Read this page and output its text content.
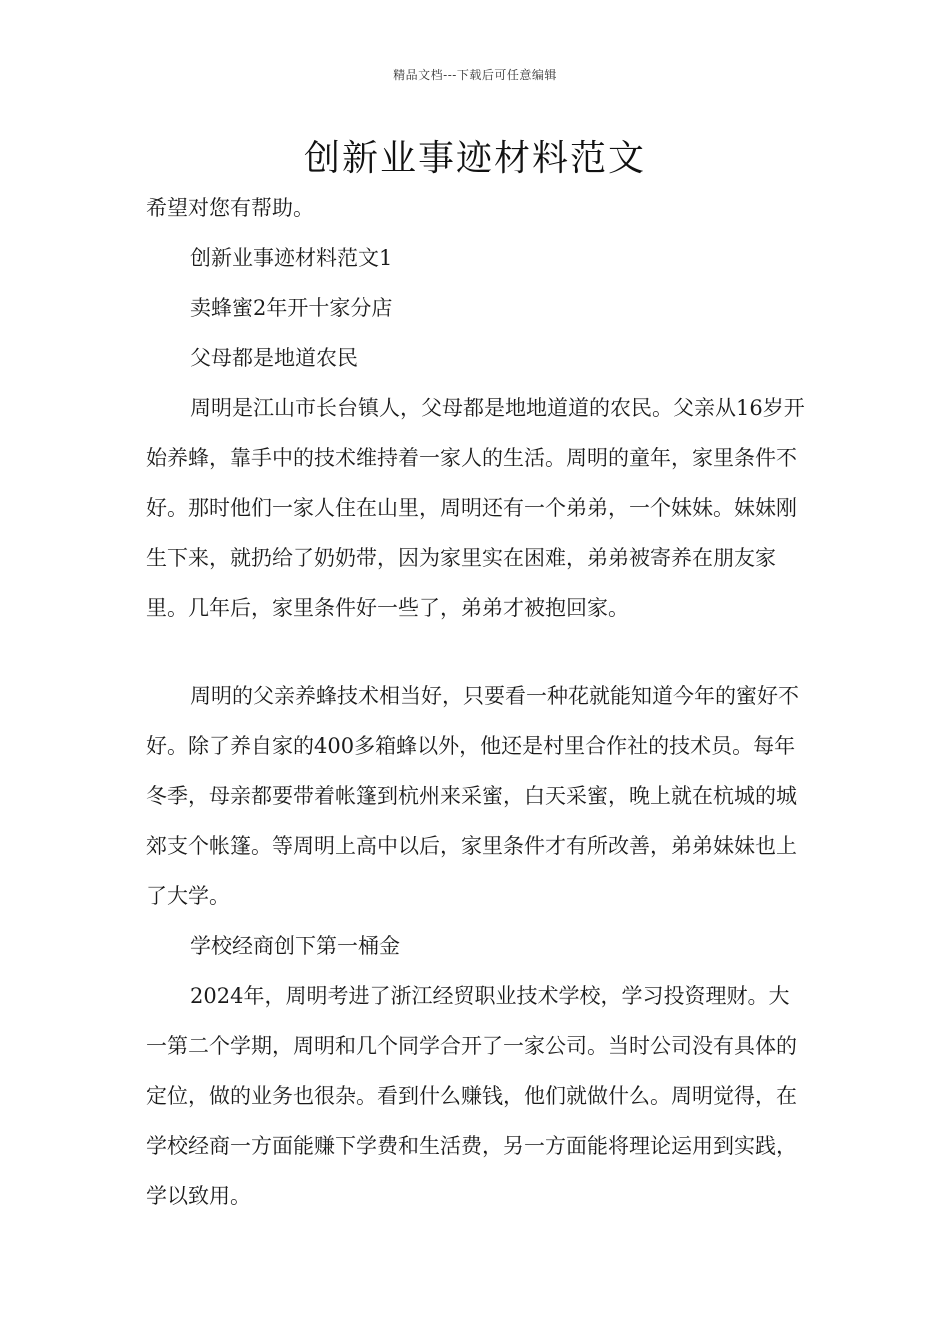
精品文档---下载后可任意编辑
创新业事迹材料范文

希望对您有帮助。

创新业事迹材料范文1

卖蜂蜜2年开十家分店

父母都是地道农民

周明是江山市长台镇人，父母都是地地道道的农民。父亲从16岁开始养蜂，靠手中的技术维持着一家人的生活。周明的童年，家里条件不好。那时他们一家人住在山里，周明还有一个弟弟，一个妹妹。妹妹刚生下来，就扔给了奶奶带，因为家里实在困难，弟弟被寄养在朋友家里。几年后，家里条件好一些了，弟弟才被抱回家。

周明的父亲养蜂技术相当好，只要看一种花就能知道今年的蜜好不好。除了养自家的400多箱蜂以外，他还是村里合作社的技术员。每年冬季，母亲都要带着帐篷到杭州来采蜜，白天采蜜，晚上就在杭城的城郊支个帐篷。等周明上高中以后，家里条件才有所改善，弟弟妹妹也上了大学。

学校经商创下第一桶金

2024年，周明考进了浙江经贸职业技术学校，学习投资理财。大一第二个学期，周明和几个同学合开了一家公司。当时公司没有具体的定位，做的业务也很杂。看到什么赚钱，他们就做什么。周明觉得，在学校经商一方面能赚下学费和生活费，另一方面能将理论运用到实践，学以致用。
